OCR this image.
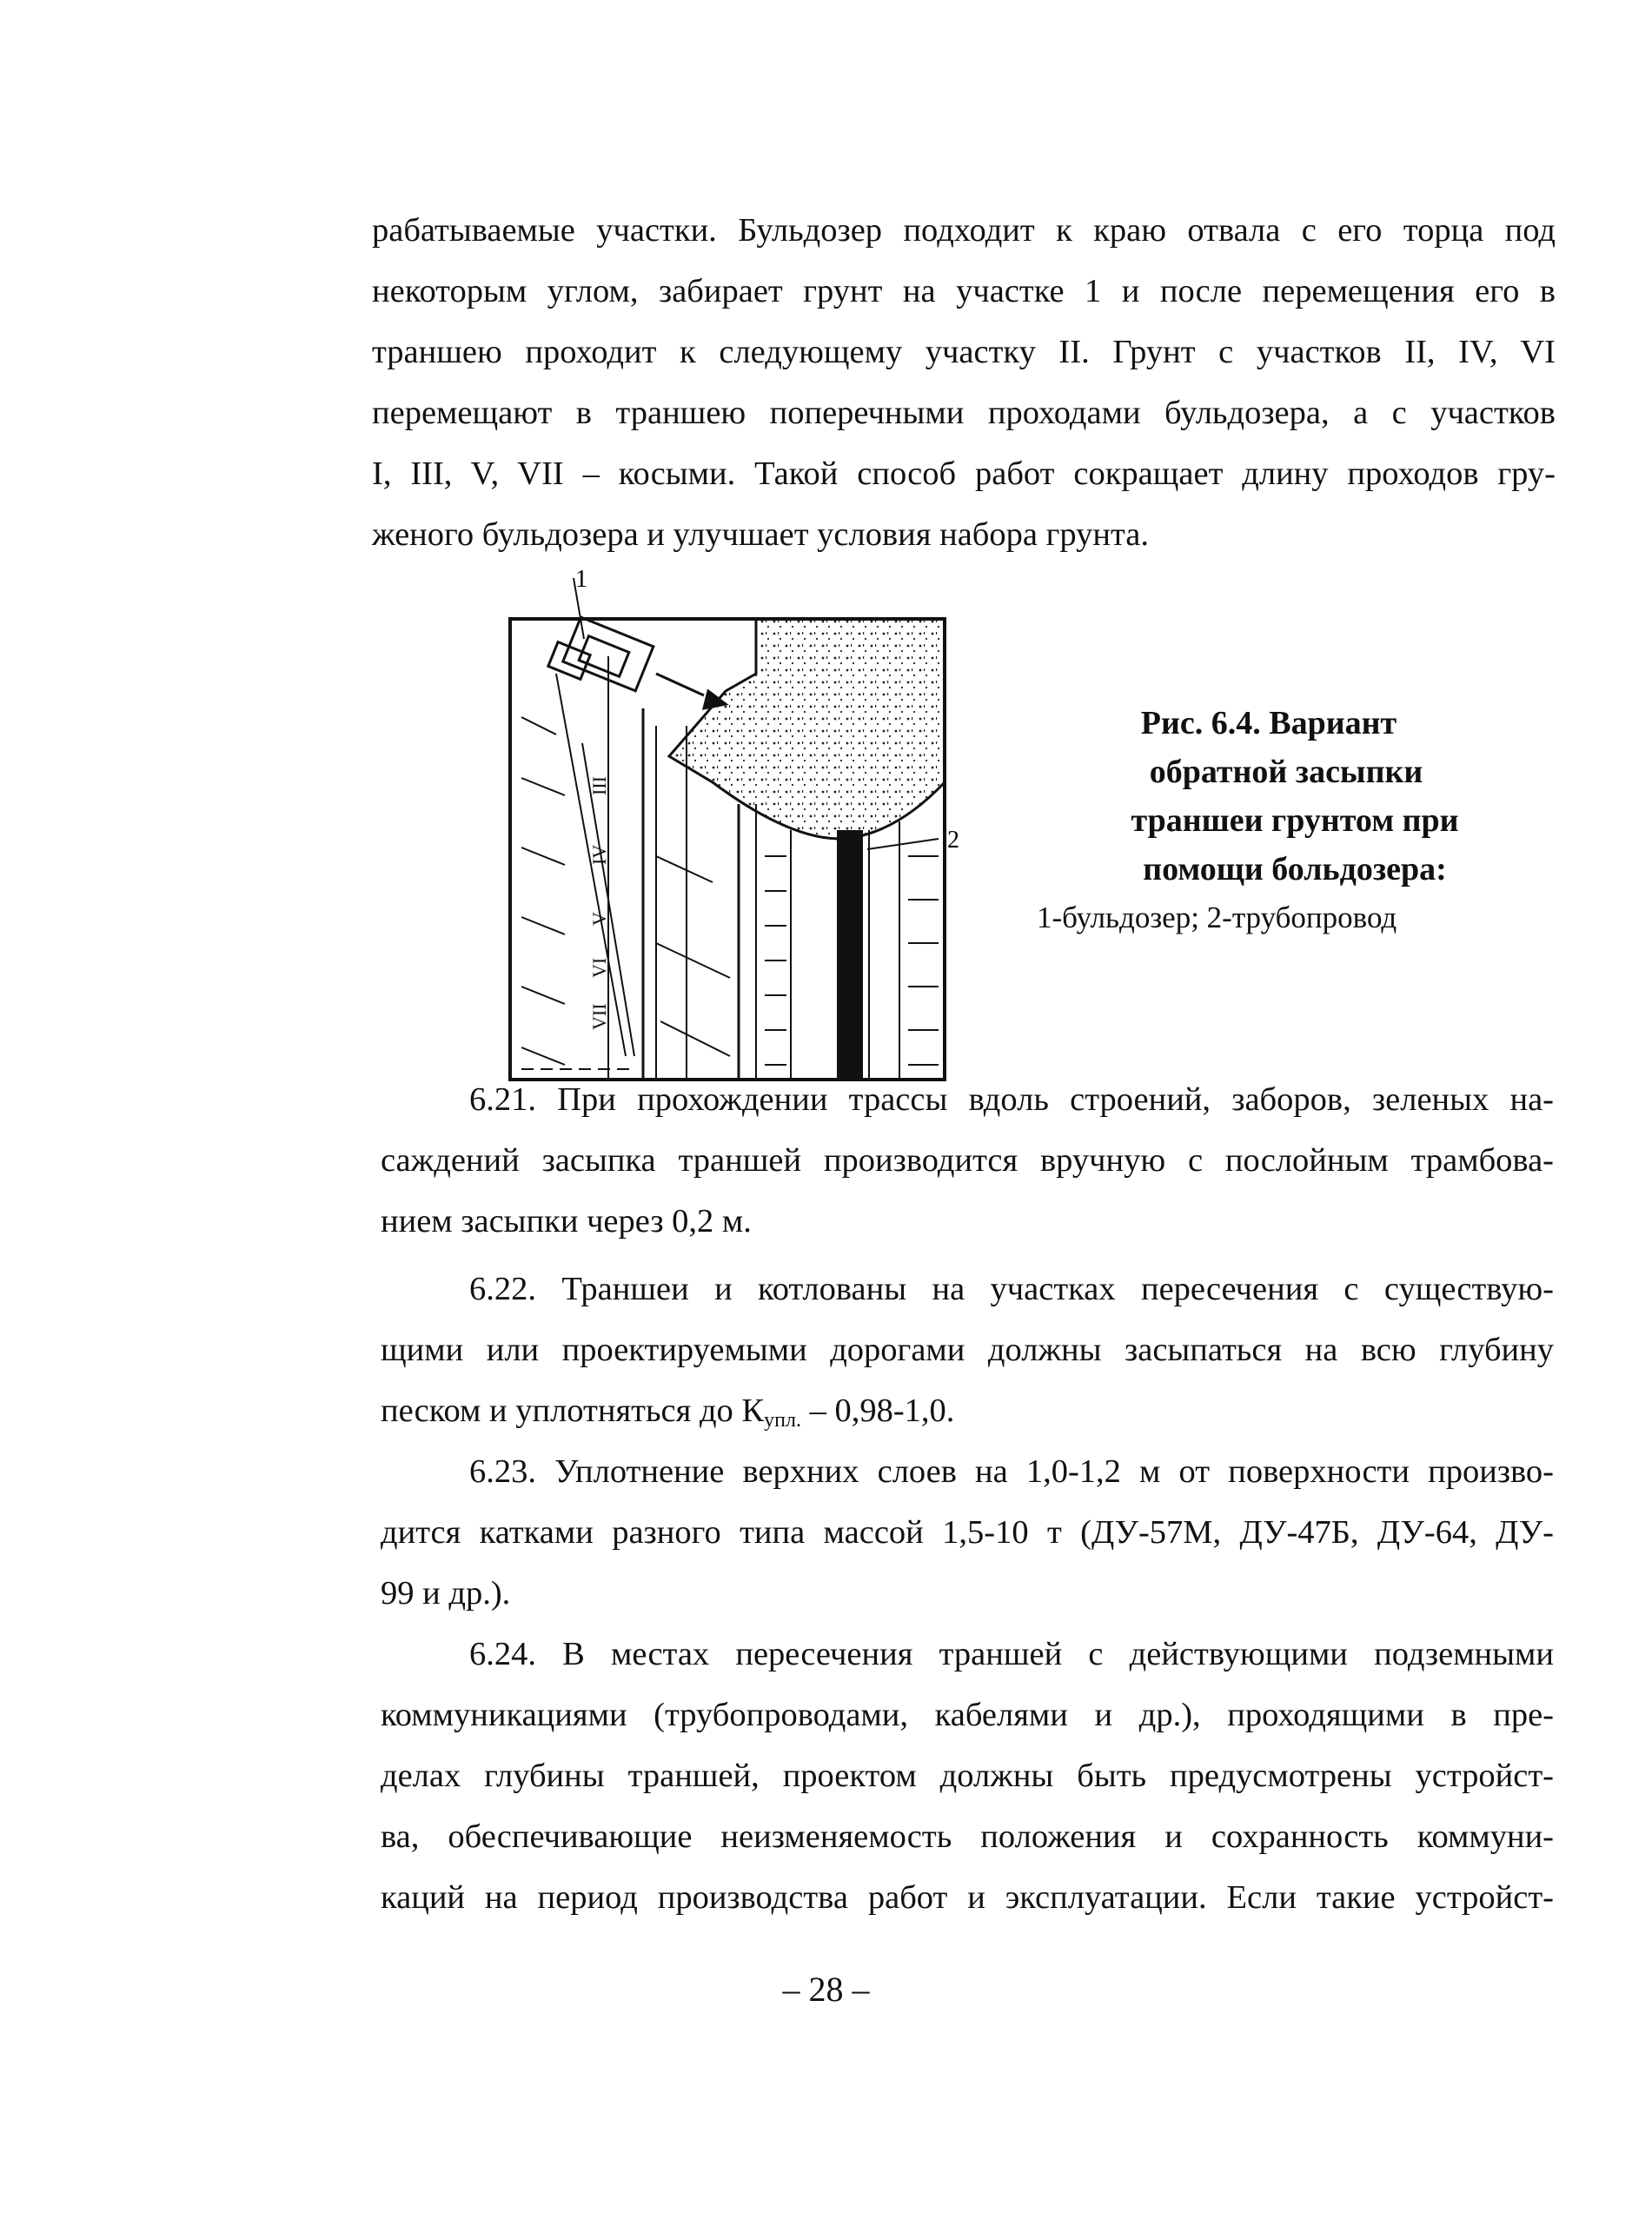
рабатываемые участки. Бульдозер подходит к краю отвала с его торца под
некоторым углом, забирает грунт на участке 1 и после перемещения его в
траншею проходит к следующему участку II. Грунт с участков II, IV, VI
перемещают в траншею поперечными проходами бульдозера, а с участков
I, III, V, VII – косыми. Такой способ работ сокращает длину проходов гру-
женого бульдозера и улучшает условия набора грунта.
1
2
III
IV
V
VI
VII
Рис. 6.4. Вариант
обратной засыпки
траншеи грунтом при
помощи больдозера:
1-бульдозер; 2-трубопровод
6.21. При прохождении трассы вдоль строений, заборов, зеленых на-
саждений засыпка траншей производится вручную с послойным трамбова-
нием засыпки через 0,2 м.
6.22. Траншеи и котлованы на участках пересечения с существую-
щими или проектируемыми дорогами должны засыпаться на всю глубину
песком и уплотняться до $К_{упл.} - 0,98-1,0$.
6.23. Уплотнение верхних слоев на 1,0-1,2 м от поверхности произво-
дится катками разного типа массой 1,5-10 т (ДУ-57М, ДУ-47Б, ДУ-64, ДУ-
99 и др.).
6.24. В местах пересечения траншей с действующими подземными
коммуникациями (трубопроводами, кабелями и др.), проходящими в пре-
делах глубины траншей, проектом должны быть предусмотрены устройст-
ва, обеспечивающие неизменяемость положения и сохранность коммуни-
каций на период производства работ и эксплуатации. Если такие устройст-
– 28 –
